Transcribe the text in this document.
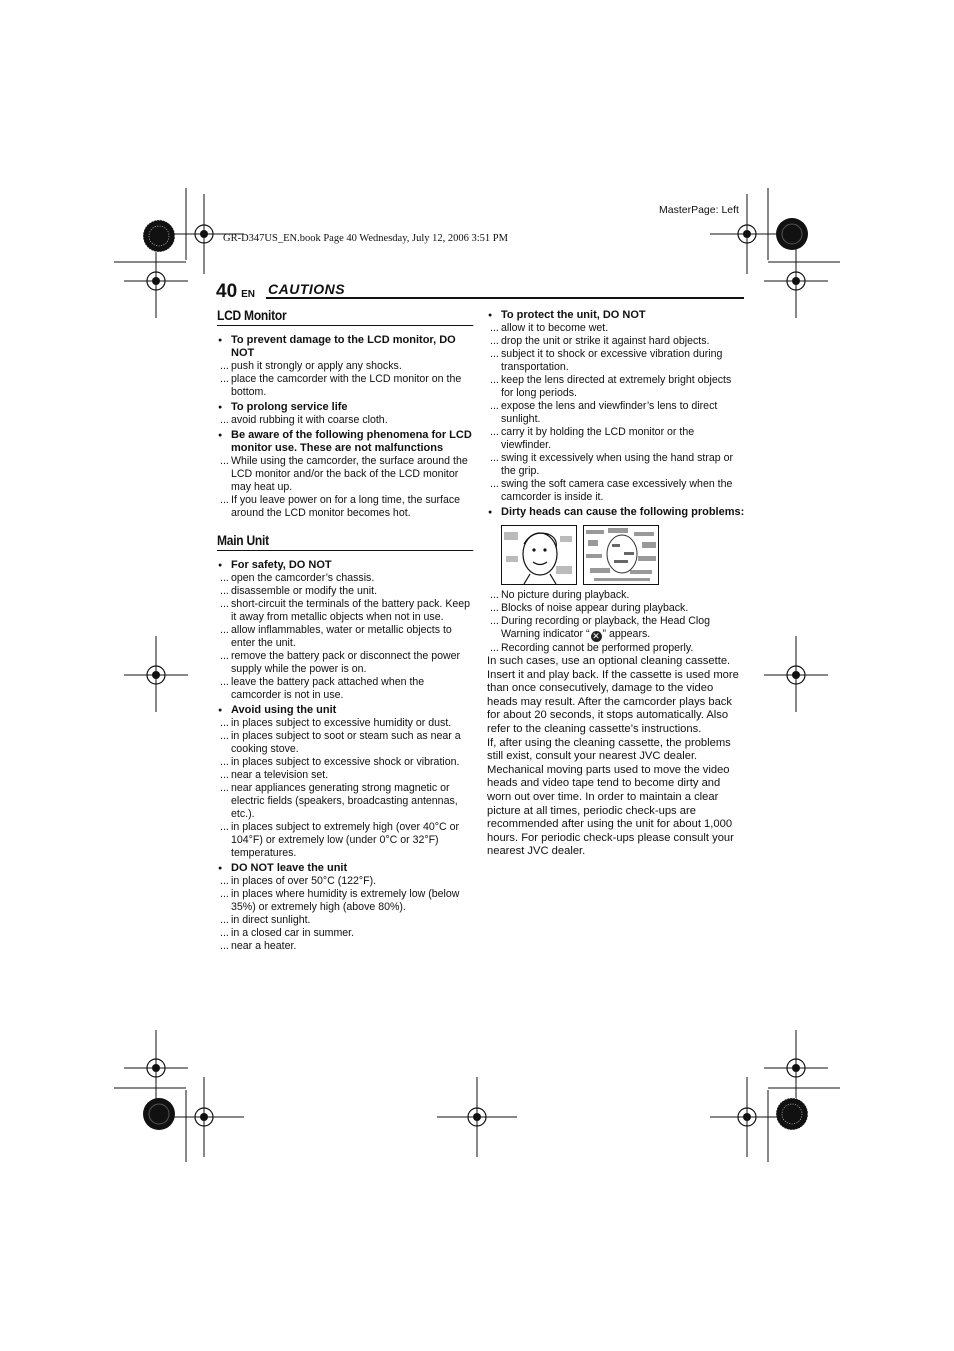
MasterPage: Left
GR-D347US_EN.book Page 40 Wednesday, July 12, 2006 3:51 PM
40 EN CAUTIONS
LCD Monitor
● To prevent damage to the LCD monitor, DO NOT
... push it strongly or apply any shocks.
... place the camcorder with the LCD monitor on the bottom.
● To prolong service life
... avoid rubbing it with coarse cloth.
● Be aware of the following phenomena for LCD monitor use. These are not malfunctions
... While using the camcorder, the surface around the LCD monitor and/or the back of the LCD monitor may heat up.
... If you leave power on for a long time, the surface around the LCD monitor becomes hot.
Main Unit
● For safety, DO NOT
... open the camcorder’s chassis.
... disassemble or modify the unit.
... short-circuit the terminals of the battery pack. Keep it away from metallic objects when not in use.
... allow inflammables, water or metallic objects to enter the unit.
... remove the battery pack or disconnect the power supply while the power is on.
... leave the battery pack attached when the camcorder is not in use.
● Avoid using the unit
... in places subject to excessive humidity or dust.
... in places subject to soot or steam such as near a cooking stove.
... in places subject to excessive shock or vibration.
... near a television set.
... near appliances generating strong magnetic or electric fields (speakers, broadcasting antennas, etc.).
... in places subject to extremely high (over 40°C or 104°F) or extremely low (under 0°C or 32°F) temperatures.
● DO NOT leave the unit
... in places of over 50°C (122°F).
... in places where humidity is extremely low (below 35%) or extremely high (above 80%).
... in direct sunlight.
... in a closed car in summer.
... near a heater.
● To protect the unit, DO NOT
... allow it to become wet.
... drop the unit or strike it against hard objects.
... subject it to shock or excessive vibration during transportation.
... keep the lens directed at extremely bright objects for long periods.
... expose the lens and viewfinder’s lens to direct sunlight.
... carry it by holding the LCD monitor or the viewfinder.
... swing it excessively when using the hand strap or the grip.
... swing the soft camera case excessively when the camcorder is inside it.
● Dirty heads can cause the following problems:
... No picture during playback.
... Blocks of noise appear during playback.
... During recording or playback, the Head Clog Warning indicator “ ✕ ” appears.
... Recording cannot be performed properly.
In such cases, use an optional cleaning cassette. Insert it and play back. If the cassette is used more than once consecutively, damage to the video heads may result. After the camcorder plays back for about 20 seconds, it stops automatically. Also refer to the cleaning cassette’s instructions.
If, after using the cleaning cassette, the problems still exist, consult your nearest JVC dealer.
Mechanical moving parts used to move the video heads and video tape tend to become dirty and worn out over time. In order to maintain a clear picture at all times, periodic check-ups are recommended after using the unit for about 1,000 hours. For periodic check-ups please consult your nearest JVC dealer.
